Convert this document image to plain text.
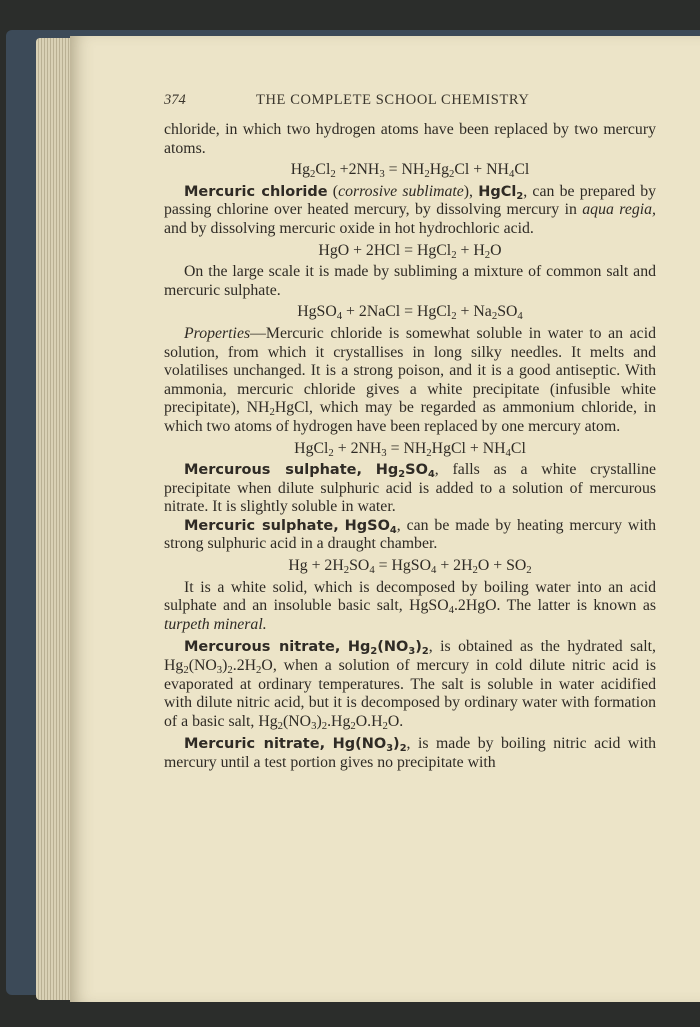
374	THE COMPLETE SCHOOL CHEMISTRY

chloride, in which two hydrogen atoms have been replaced by two mercury atoms.

$Hg_2Cl_2 +2NH_3 = NH_2Hg_2Cl + NH_4Cl$

Mercuric chloride (corrosive sublimate), HgCl$_2$, can be prepared by passing chlorine over heated mercury, by dissolving mercury in aqua regia, and by dissolving mercuric oxide in hot hydrochloric acid.

HgO + 2HCl = HgCl$_2$ + $H_2O$

On the large scale it is made by subliming a mixture of common salt and mercuric sulphate.

HgSO$_4$ + 2NaCl = HgCl$_2$ + $Na_2SO_4$

Properties—Mercuric chloride is somewhat soluble in water to an acid solution, from which it crystallises in long silky needles. It melts and volatilises unchanged. It is a strong poison, and it is a good antiseptic. With ammonia, mercuric chloride gives a white precipitate (infusible white precipitate), $NH_2HgCl$, which may be regarded as ammonium chloride, in which two atoms of hydrogen have been replaced by one mercury atom.

HgCl$_2$ + $2NH_3$ = $NH_2HgCl + NH_4Cl$

Mercurous sulphate, $Hg_2SO_4$, falls as a white crystalline precipitate when dilute sulphuric acid is added to a solution of mercurous nitrate. It is slightly soluble in water.

Mercuric sulphate, HgSO$_4$, can be made by heating mercury with strong sulphuric acid in a draught chamber.

$Hg + 2H_2SO_4$ = HgSO$_4$ + $2H_2O + SO_2$

It is a white solid, which is decomposed by boiling water into an acid sulphate and an insoluble basic salt, HgSO$_4$.2HgO. The latter is known as turpeth mineral.

Mercurous nitrate, $Hg_2(NO_3)_2$, is obtained as the hydrated salt, $Hg_2(NO_3)_2.2H_2O$, when a solution of mercury in cold dilute nitric acid is evaporated at ordinary temperatures. The salt is soluble in water acidified with dilute nitric acid, but it is decomposed by ordinary water with formation of a basic salt, $Hg_2(NO_3)_2.Hg_2O.H_2O$.

Mercuric nitrate, $Hg(NO_3)_2$, is made by boiling nitric acid with mercury until a test portion gives no precipitate with
